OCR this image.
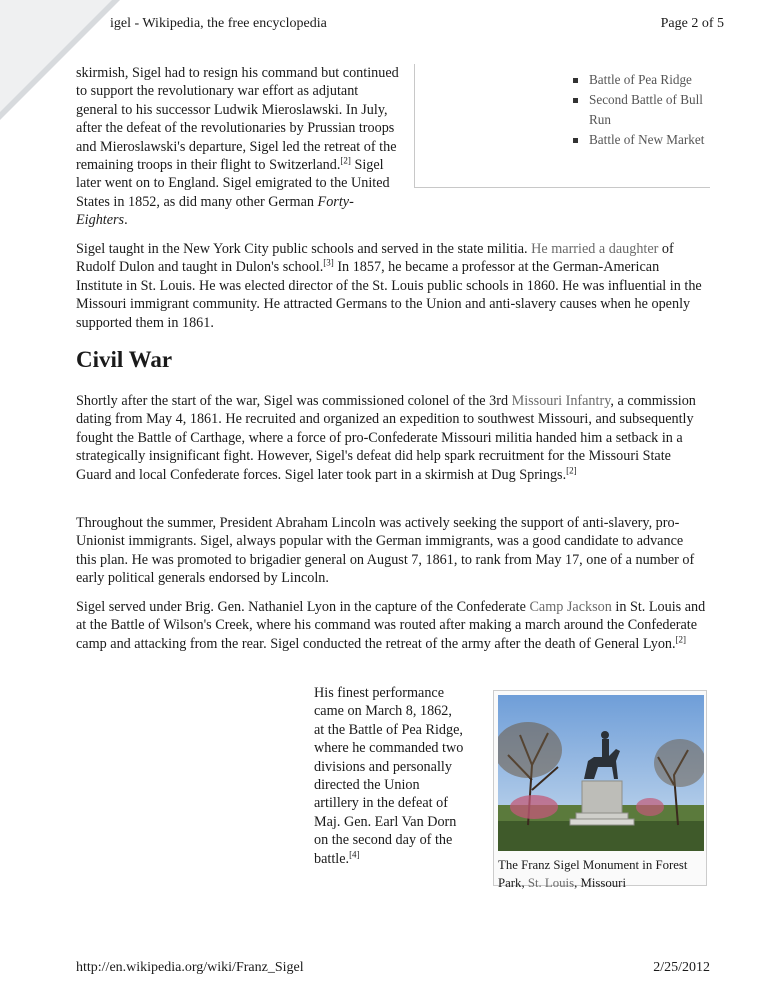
igel - Wikipedia, the free encyclopedia	Page 2 of 5

skirmish, Sigel had to resign his command but continued to support the revolutionary war effort as adjutant general to his successor Ludwik Mieroslawski. In July, after the defeat of the revolutionaries by Prussian troops and Mieroslawski's departure, Sigel led the retreat of the remaining troops in their flight to Switzerland.[2] Sigel later went on to England. Sigel emigrated to the United States in 1852, as did many other German Forty-Eighters.

Battle of Pea Ridge
Second Battle of Bull Run
Battle of New Market

Sigel taught in the New York City public schools and served in the state militia. He married a daughter of Rudolf Dulon and taught in Dulon's school.[3] In 1857, he became a professor at the German-American Institute in St. Louis. He was elected director of the St. Louis public schools in 1860. He was influential in the Missouri immigrant community. He attracted Germans to the Union and anti-slavery causes when he openly supported them in 1861.

Civil War

Shortly after the start of the war, Sigel was commissioned colonel of the 3rd Missouri Infantry, a commission dating from May 4, 1861. He recruited and organized an expedition to southwest Missouri, and subsequently fought the Battle of Carthage, where a force of pro-Confederate Missouri militia handed him a setback in a strategically insignificant fight. However, Sigel's defeat did help spark recruitment for the Missouri State Guard and local Confederate forces. Sigel later took part in a skirmish at Dug Springs.[2]

Throughout the summer, President Abraham Lincoln was actively seeking the support of anti-slavery, pro-Unionist immigrants. Sigel, always popular with the German immigrants, was a good candidate to advance this plan. He was promoted to brigadier general on August 7, 1861, to rank from May 17, one of a number of early political generals endorsed by Lincoln.

Sigel served under Brig. Gen. Nathaniel Lyon in the capture of the Confederate Camp Jackson in St. Louis and at the Battle of Wilson's Creek, where his command was routed after making a march around the Confederate camp and attacking from the rear. Sigel conducted the retreat of the army after the death of General Lyon.[2]

His finest performance came on March 8, 1862, at the Battle of Pea Ridge, where he commanded two divisions and personally directed the Union artillery in the defeat of Maj. Gen. Earl Van Dorn on the second day of the battle.[4]

The Franz Sigel Monument in Forest Park, St. Louis, Missouri
http://en.wikipedia.org/wiki/Franz_Sigel	2/25/2012
